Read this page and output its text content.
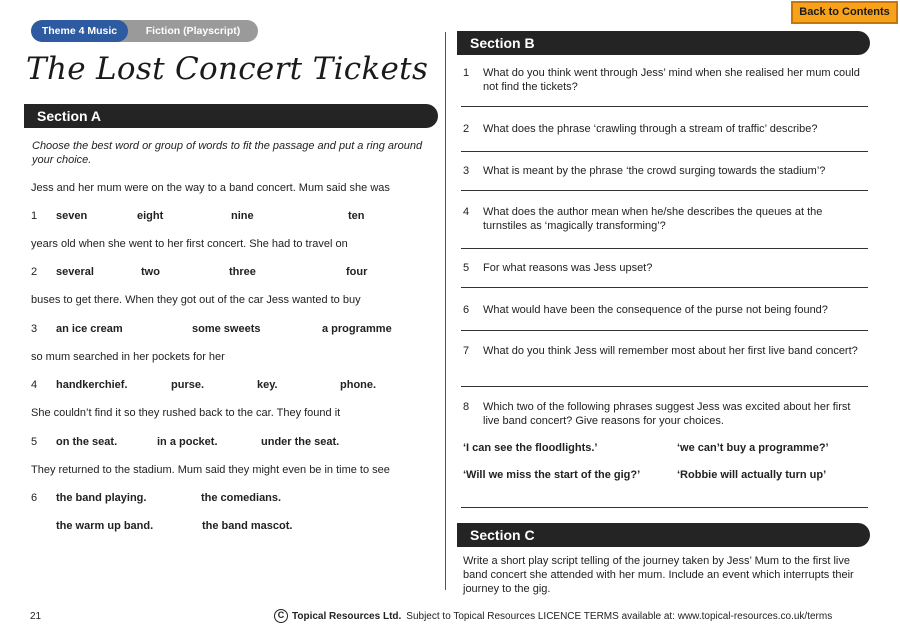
Theme 4 Music	Fiction (Playscript)
Back to Contents
The Lost Concert Tickets
Section A
Choose the best word or group of words to fit the passage and put a ring around your choice.
Jess and her mum were on the way to a band concert. Mum said she was
1 seven	eight	nine	ten
years old when she went to her first concert. She had to travel on
2 several	two	three	four
buses to get there. When they got out of the car Jess wanted to buy
3 an ice cream	some sweets	a programme
so mum searched in her pockets for her
4 handkerchief.	purse.	key.	phone.
She couldn’t find it so they rushed back to the car. They found it
5 on the seat.	in a pocket.	under the seat.
They returned to the stadium. Mum said they might even be in time to see
6 the band playing.	the comedians.
the warm up band.	the band mascot.
Section B
1 What do you think went through Jess’ mind when she realised her mum could not find the tickets?
2 What does the phrase ‘crawling through a stream of traffic’ describe?
3 What is meant by the phrase ‘the crowd surging towards the stadium’?
4 What does the author mean when he/she describes the queues at the turnstiles as ‘magically transforming’?
5 For what reasons was Jess upset?
6 What would have been the consequence of the purse not being found?
7 What do you think Jess will remember most about her first live band concert?
8 Which two of the following phrases suggest Jess was excited about her first live band concert? Give reasons for your choices.
‘I can see the floodlights.’	‘we can’t buy a programme?’
‘Will we miss the start of the gig?’	‘Robbie will actually turn up’
Section C
Write a short play script telling of the journey taken by Jess’ Mum to the first live band concert she attended with her mum. Include an event which interrupts their journey to the gig.
21	C Topical Resources Ltd. Subject to Topical Resources LICENCE TERMS available at: www.topical-resources.co.uk/terms
